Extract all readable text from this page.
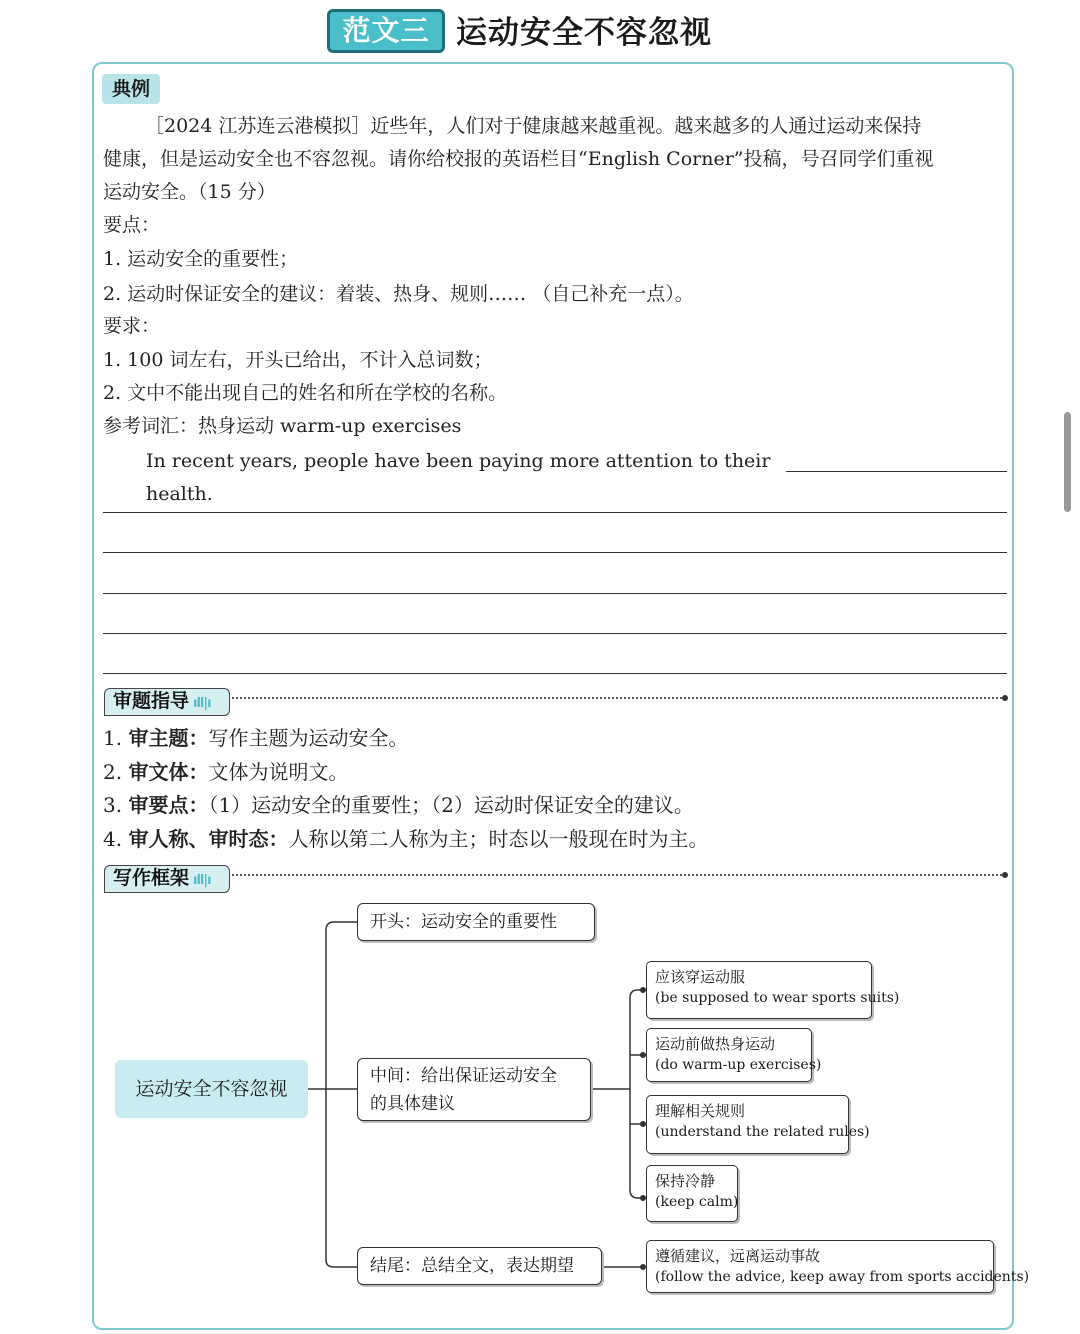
范文三 运动安全不容忽视
典例
［2024 江苏连云港模拟］近些年，人们对于健康越来越重视。越来越多的人通过运动来保持
健康，但是运动安全也不容忽视。请你给校报的英语栏目“English Corner”投稿，号召同学们重视
运动安全。（15 分）
要点：
1. 运动安全的重要性；
2. 运动时保证安全的建议：着装、热身、规则…… （自己补充一点）。
要求：
1. 100 词左右，开头已给出，不计入总词数；
2. 文中不能出现自己的姓名和所在学校的名称。
参考词汇：热身运动 warm-up exercises
In recent years, people have been paying more attention to their health.
审题指导 ıll|ı
1. 审主题：写作主题为运动安全。
2. 审文体：文体为说明文。
3. 审要点：（1）运动安全的重要性；（2）运动时保证安全的建议。
4. 审人称、审时态：人称以第二人称为主；时态以一般现在时为主。
写作框架 ıll|ı
运动安全不容忽视
开头：运动安全的重要性
中间：给出保证运动安全
的具体建议
结尾：总结全文，表达期望
应该穿运动服
(be supposed to wear sports suits)
运动前做热身运动
(do warm-up exercises)
理解相关规则
(understand the related rules)
保持冷静
(keep calm)
遵循建议，远离运动事故
(follow the advice, keep away from sports accidents)
